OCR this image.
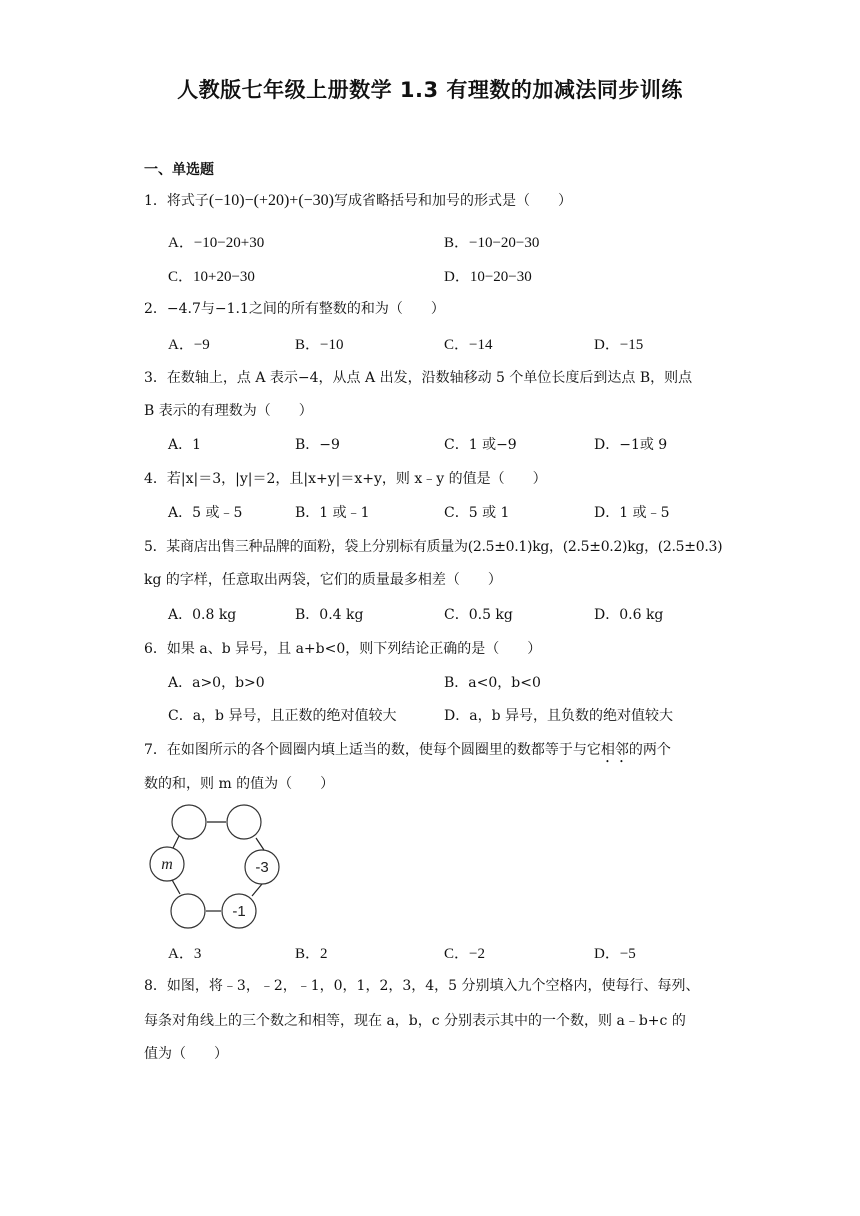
人教版七年级上册数学 1.3 有理数的加减法同步训练
一、单选题
1．将式子(−10)−(+20)+(−30)写成省略括号和加号的形式是（　　）
A．−10−20+30	B．−10−20−30
C．10+20−30	D．10−20−30
2．−4.7与−1.1之间的所有整数的和为（　　）
A．−9	B．−10	C．−14	D．−15
3．在数轴上，点 A 表示−4，从点 A 出发，沿数轴移动 5 个单位长度后到达点 B，则点
B 表示的有理数为（　　）
A．1	B．−9	C．1 或−9	D．−1或 9
4．若|x|＝3，|y|＝2，且|x+y|＝x+y，则 x﹣y 的值是（　　）
A．5 或﹣5	B．1 或﹣1	C．5 或 1	D．1 或﹣5
5．某商店出售三种品牌的面粉，袋上分别标有质量为(2.5±0.1)kg，(2.5±0.2)kg，(2.5±0.3)
kg 的字样，任意取出两袋，它们的质量最多相差（　　）
A．0.8 kg	B．0.4 kg	C．0.5 kg	D．0.6 kg
6．如果 a、b 异号，且 a+b<0，则下列结论正确的是（　　）
A．a>0，b>0	B．a<0，b<0
C．a，b 异号，且正数的绝对值较大	D．a，b 异号，且负数的绝对值较大
7．在如图所示的各个圆圈内填上适当的数，使每个圆圈里的数都等于与它相邻的两个
数的和，则 m 的值为（　　）
m	-3
-1
A．3	B．2	C．−2	D．−5
8．如图，将﹣3，﹣2，﹣1，0，1，2，3，4，5 分别填入九个空格内，使每行、每列、
每条对角线上的三个数之和相等，现在 a，b，c 分别表示其中的一个数，则 a﹣b+c 的
值为（　　）
